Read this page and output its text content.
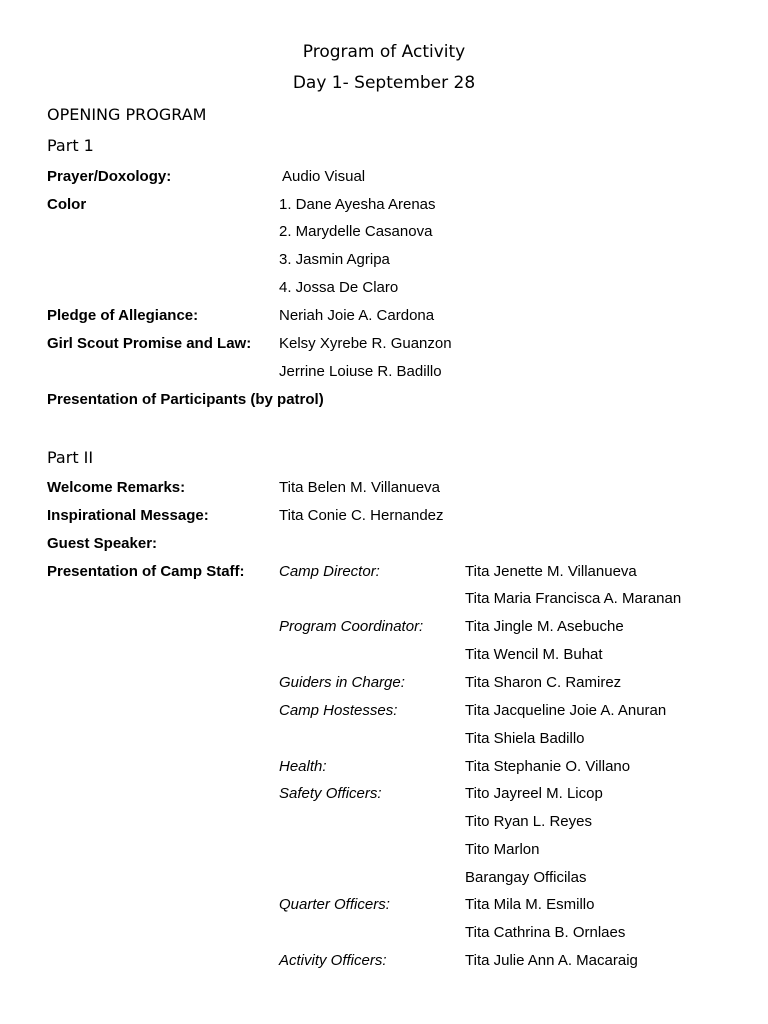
Program of Activity
Day 1- September 28
OPENING PROGRAM
Part 1
Prayer/Doxology:	Audio Visual
Color	1. Dane Ayesha Arenas
2. Marydelle Casanova
3. Jasmin Agripa
4. Jossa De Claro
Pledge of Allegiance:	Neriah Joie A. Cardona
Girl Scout Promise and Law: Kelsy Xyrebe R. Guanzon
Jerrine Loiuse R. Badillo
Presentation of Participants (by patrol)
Part II
Welcome Remarks:	Tita Belen M. Villanueva
Inspirational Message:	Tita Conie C. Hernandez
Guest Speaker:
Presentation of Camp Staff: Camp Director:	Tita Jenette M. Villanueva
Tita Maria Francisca A. Maranan
Program Coordinator:	Tita Jingle M. Asebuche
Tita Wencil M. Buhat
Guiders in Charge:	Tita Sharon C. Ramirez
Camp Hostesses:	Tita Jacqueline Joie A. Anuran
Tita Shiela Badillo
Health:	Tita Stephanie O. Villano
Safety Officers:	Tito Jayreel M. Licop
Tito Ryan L. Reyes
Tito Marlon
Barangay Officilas
Quarter Officers:	Tita Mila M. Esmillo
Tita Cathrina B. Ornlaes
Activity Officers:	Tita Julie Ann A. Macaraig
